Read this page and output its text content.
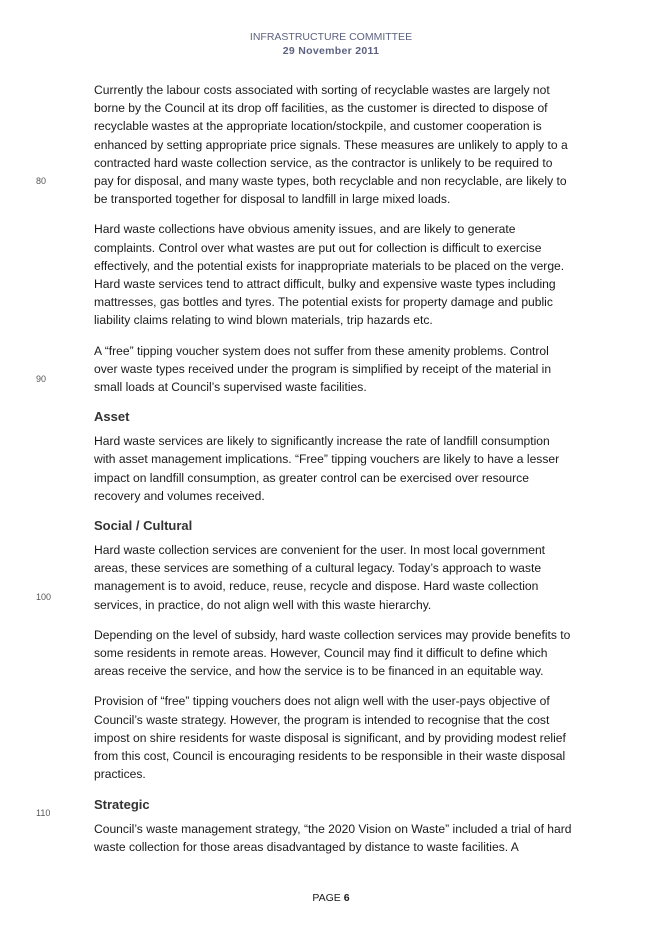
INFRASTRUCTURE COMMITTEE
29 November 2011
80
90
100
110

Currently the labour costs associated with sorting of recyclable wastes are largely not borne by the Council at its drop off facilities, as the customer is directed to dispose of recyclable wastes at the appropriate location/stockpile, and customer cooperation is enhanced by setting appropriate price signals. These measures are unlikely to apply to a contracted hard waste collection service, as the contractor is unlikely to be required to pay for disposal, and many waste types, both recyclable and non recyclable, are likely to be transported together for disposal to landfill in large mixed loads.

Hard waste collections have obvious amenity issues, and are likely to generate complaints. Control over what wastes are put out for collection is difficult to exercise effectively, and the potential exists for inappropriate materials to be placed on the verge. Hard waste services tend to attract difficult, bulky and expensive waste types including mattresses, gas bottles and tyres. The potential exists for property damage and public liability claims relating to wind blown materials, trip hazards etc.

A “free” tipping voucher system does not suffer from these amenity problems. Control over waste types received under the program is simplified by receipt of the material in small loads at Council’s supervised waste facilities.

Asset

Hard waste services are likely to significantly increase the rate of landfill consumption with asset management implications. “Free” tipping vouchers are likely to have a lesser impact on landfill consumption, as greater control can be exercised over resource recovery and volumes received.

Social / Cultural

Hard waste collection services are convenient for the user. In most local government areas, these services are something of a cultural legacy. Today’s approach to waste management is to avoid, reduce, reuse, recycle and dispose. Hard waste collection services, in practice, do not align well with this waste hierarchy.

Depending on the level of subsidy, hard waste collection services may provide benefits to some residents in remote areas. However, Council may find it difficult to define which areas receive the service, and how the service is to be financed in an equitable way.

Provision of “free” tipping vouchers does not align well with the user-pays objective of Council’s waste strategy. However, the program is intended to recognise that the cost impost on shire residents for waste disposal is significant, and by providing modest relief from this cost, Council is encouraging residents to be responsible in their waste disposal practices.

Strategic

Council’s waste management strategy, “the 2020 Vision on Waste” included a trial of hard waste collection for those areas disadvantaged by distance to waste facilities. A

PAGE 6
